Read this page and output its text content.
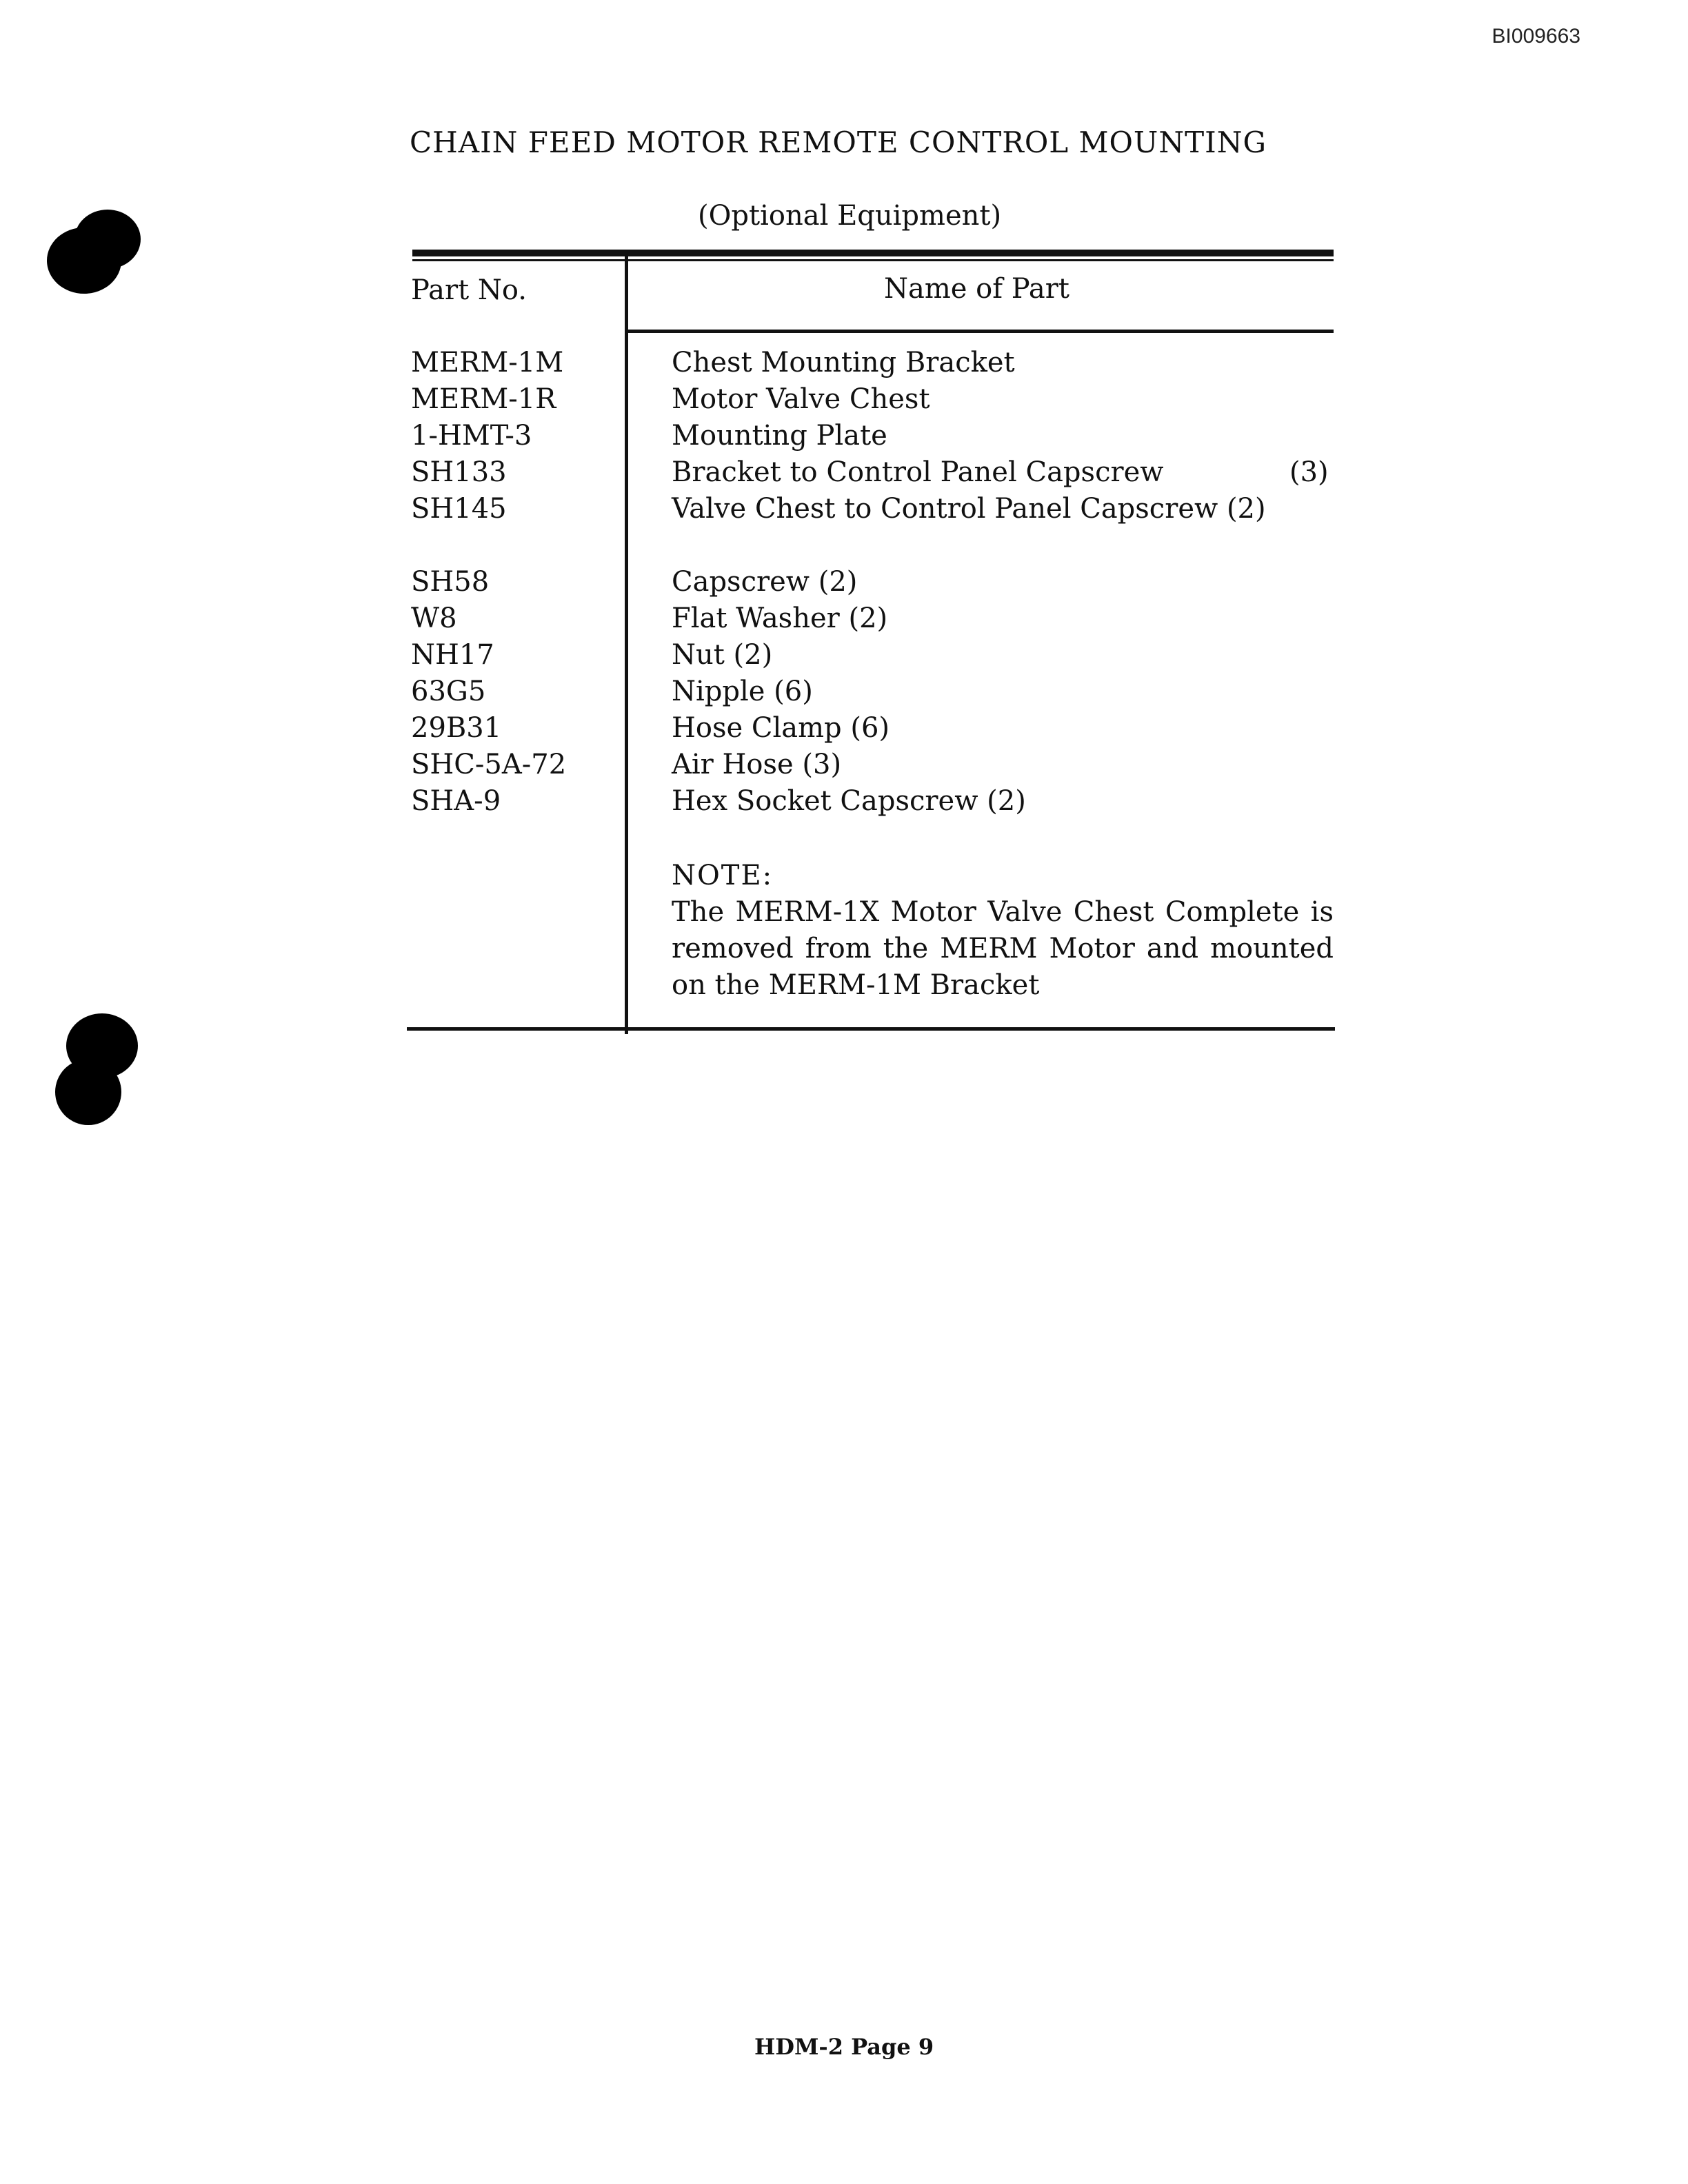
BI009663
CHAIN FEED MOTOR REMOTE CONTROL MOUNTING
(Optional Equipment)
Part No.	Name of Part
MERM-1M	Chest Mounting Bracket
MERM-1R	Motor Valve Chest
1-HMT-3	Mounting Plate
SH133	Bracket to Control Panel Capscrew	(3)
SH145	Valve Chest to Control Panel Capscrew (2)
SH58	Capscrew (2)
W8	Flat Washer (2)
NH17	Nut (2)
63G5	Nipple (6)
29B31	Hose Clamp (6)
SHC-5A-72	Air Hose (3)
SHA-9	Hex Socket Capscrew (2)
NOTE:
The MERM-1X Motor Valve Chest Complete is removed from the MERM Motor and mounted on the MERM-1M Bracket
HDM-2 Page 9
